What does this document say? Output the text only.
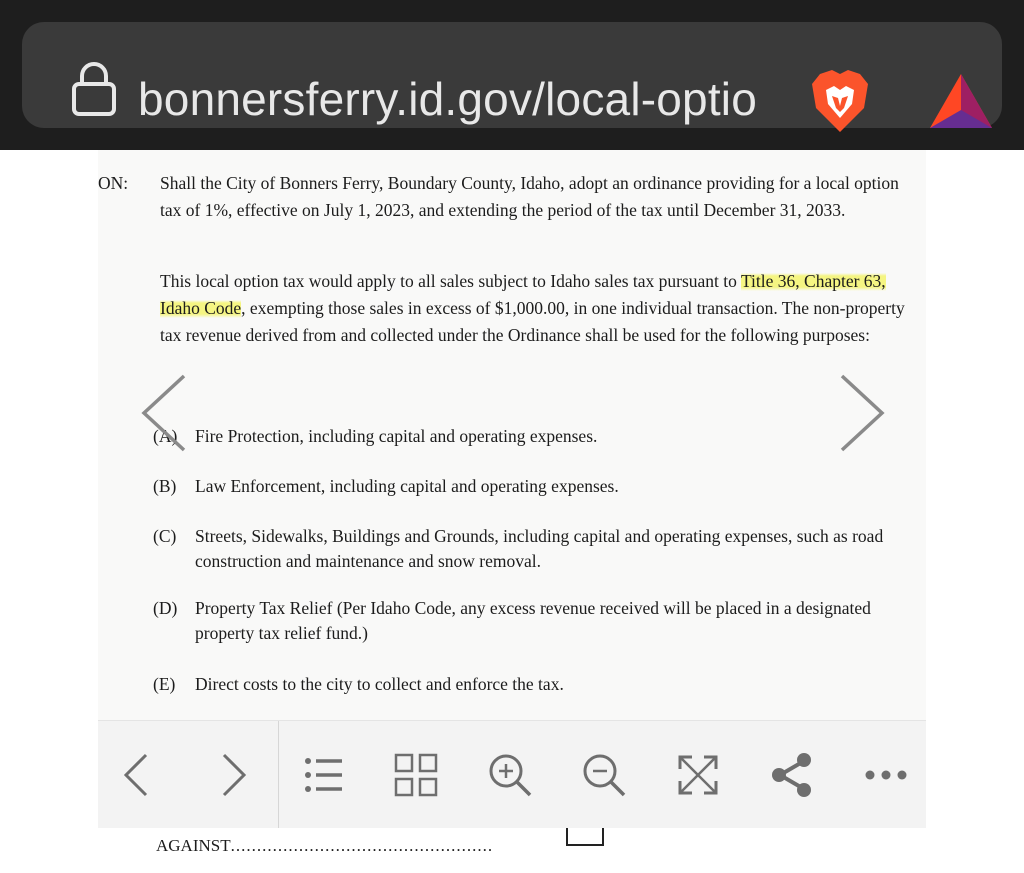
bonnersferry.id.gov/local-optio
ON: Shall the City of Bonners Ferry, Boundary County, Idaho, adopt an ordinance providing for a local option tax of 1%, effective on July 1, 2023, and extending the period of the tax until December 31, 2033.
This local option tax would apply to all sales subject to Idaho sales tax pursuant to Title 36, Chapter 63, Idaho Code, exempting those sales in excess of $1,000.00, in one individual transaction. The non-property tax revenue derived from and collected under the Ordinance shall be used for the following purposes:
(A) Fire Protection, including capital and operating expenses.
(B) Law Enforcement, including capital and operating expenses.
(C) Streets, Sidewalks, Buildings and Grounds, including capital and operating expenses, such as road construction and maintenance and snow removal.
(D) Property Tax Relief (Per Idaho Code, any excess revenue received will be placed in a designated property tax relief fund.)
(E) Direct costs to the city to collect and enforce the tax.
AGAINST..................................................
